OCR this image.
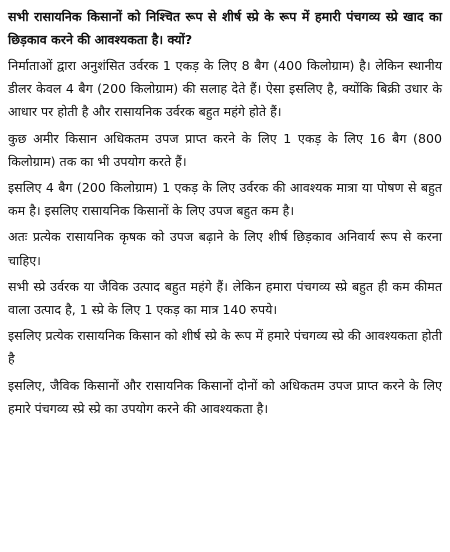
सभी रासायनिक किसानों को निश्चित रूप से शीर्ष स्प्रे के रूप में हमारी पंचगव्य स्प्रे खाद का छिड़काव करने की आवश्यकता है। क्यों?

निर्माताओं द्वारा अनुशंसित उर्वरक 1 एकड़ के लिए 8 बैग (400 किलोग्राम) है। लेकिन स्थानीय डीलर केवल 4 बैग (200 किलोग्राम) की सलाह देते हैं। ऐसा इसलिए है, क्योंकि बिक्री उधार के आधार पर होती है और रासायनिक उर्वरक बहुत महंगे होते हैं।

कुछ अमीर किसान अधिकतम उपज प्राप्त करने के लिए 1 एकड़ के लिए 16 बैग (800 किलोग्राम) तक का भी उपयोग करते हैं।

इसलिए 4 बैग (200 किलोग्राम) 1 एकड़ के लिए उर्वरक की आवश्यक मात्रा या पोषण से बहुत कम है। इसलिए रासायनिक किसानों के लिए उपज बहुत कम है।

अतः प्रत्येक रासायनिक कृषक को उपज बढ़ाने के लिए शीर्ष छिड़काव अनिवार्य रूप से करना चाहिए।

सभी स्प्रे उर्वरक या जैविक उत्पाद बहुत महंगे हैं। लेकिन हमारा पंचगव्य स्प्रे बहुत ही कम कीमत वाला उत्पाद है, 1 स्प्रे के लिए 1 एकड़ का मात्र 140 रुपये।

इसलिए प्रत्येक रासायनिक किसान को शीर्ष स्प्रे के रूप में हमारे पंचगव्य स्प्रे की आवश्यकता होती है

इसलिए, जैविक किसानों और रासायनिक किसानों दोनों को अधिकतम उपज प्राप्त करने के लिए हमारे पंचगव्य स्प्रे स्प्रे का उपयोग करने की आवश्यकता है।
